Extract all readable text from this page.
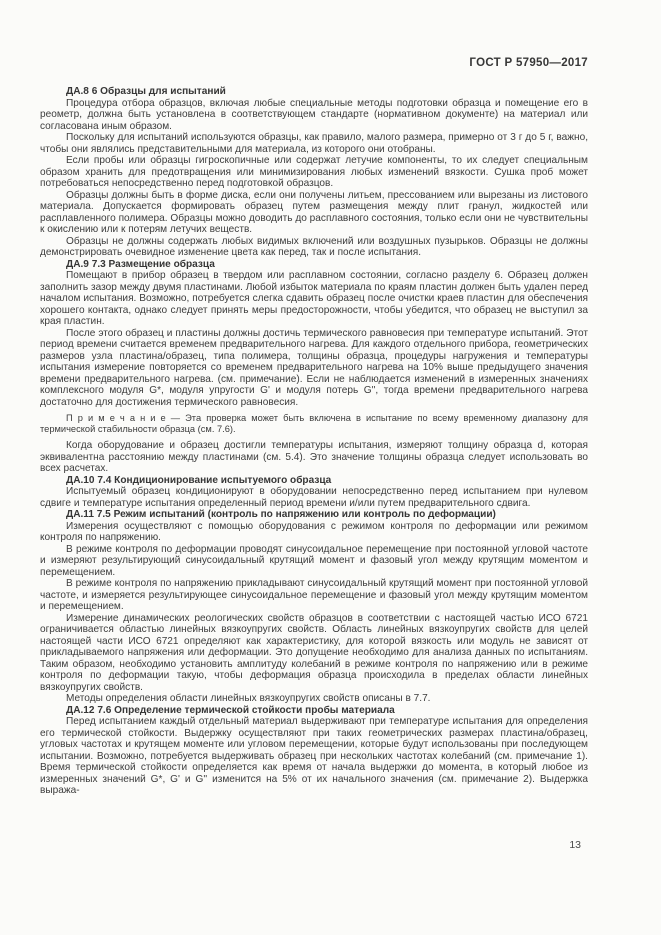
ГОСТ Р 57950—2017
ДА.8 6 Образцы для испытаний

Процедура отбора образцов, включая любые специальные методы подготовки образца и помещение его в реометр, должна быть установлена в соответствующем стандарте (нормативном документе) на материал или согласована иным образом.

Поскольку для испытаний используются образцы, как правило, малого размера, примерно от 3 г до 5 г, важно, чтобы они являлись представительными для материала, из которого они отобраны.

Если пробы или образцы гигроскопичные или содержат летучие компоненты, то их следует специальным образом хранить для предотвращения или минимизирования любых изменений вязкости. Сушка проб может потребоваться непосредственно перед подготовкой образцов.

Образцы должны быть в форме диска, если они получены литьем, прессованием или вырезаны из листового материала. Допускается формировать образец путем размещения между плит гранул, жидкостей или расплавленного полимера. Образцы можно доводить до расплавного состояния, только если они не чувствительны к окислению или к потерям летучих веществ.

Образцы не должны содержать любых видимых включений или воздушных пузырьков. Образцы не должны демонстрировать очевидное изменение цвета как перед, так и после испытания.

ДА.9 7.3 Размещение образца

Помещают в прибор образец в твердом или расплавном состоянии, согласно разделу 6. Образец должен заполнить зазор между двумя пластинами. Любой избыток материала по краям пластин должен быть удален перед началом испытания. Возможно, потребуется слегка сдавить образец после очистки краев пластин для обеспечения хорошего контакта, однако следует принять меры предосторожности, чтобы убедится, что образец не выступил за края пластин.

После этого образец и пластины должны достичь термического равновесия при температуре испытаний. Этот период времени считается временем предварительного нагрева. Для каждого отдельного прибора, геометрических размеров узла пластина/образец, типа полимера, толщины образца, процедуры нагружения и температуры испытания измерение повторяется со временем предварительного нагрева на 10% выше предыдущего значения времени предварительного нагрева. (см. примечание). Если не наблюдается изменений в измеренных значениях комплексного модуля G*, модуля упругости G' и модуля потерь G'', тогда времени предварительного нагрева достаточно для достижения термического равновесия.

П р и м е ч а н и е — Эта проверка может быть включена в испытание по всему временному диапазону для термической стабильности образца (см. 7.6).

Когда оборудование и образец достигли температуры испытания, измеряют толщину образца d, которая эквивалентна расстоянию между пластинами (см. 5.4). Это значение толщины образца следует использовать во всех расчетах.

ДА.10 7.4 Кондиционирование испытуемого образца

Испытуемый образец кондиционируют в оборудовании непосредственно перед испытанием при нулевом сдвиге и температуре испытания определенный период времени и/или путем предварительного сдвига.

ДА.11 7.5 Режим испытаний (контроль по напряжению или контроль по деформации)

Измерения осуществляют с помощью оборудования с режимом контроля по деформации или режимом контроля по напряжению.

В режиме контроля по деформации проводят синусоидальное перемещение при постоянной угловой частоте и измеряют результирующий синусоидальный крутящий момент и фазовый угол между крутящим моментом и перемещением.

В режиме контроля по напряжению прикладывают синусоидальный крутящий момент при постоянной угловой частоте, и измеряется результирующее синусоидальное перемещение и фазовый угол между крутящим моментом и перемещением.

Измерение динамических реологических свойств образцов в соответствии с настоящей частью ИСО 6721 ограничивается областью линейных вязкоупругих свойств. Область линейных вязкоупругих свойств для целей настоящей части ИСО 6721 определяют как характеристику, для которой вязкость или модуль не зависят от прикладываемого напряжения или деформации. Это допущение необходимо для анализа данных по испытаниям. Таким образом, необходимо установить амплитуду колебаний в режиме контроля по напряжению или в режиме контроля по деформации такую, чтобы деформация образца происходила в пределах области линейных вязкоупругих свойств.

Методы определения области линейных вязкоупругих свойств описаны в 7.7.

ДА.12 7.6 Определение термической стойкости пробы материала

Перед испытанием каждый отдельный материал выдерживают при температуре испытания для определения его термической стойкости. Выдержку осуществляют при таких геометрических размерах пластина/образец, угловых частотах и крутящем моменте или угловом перемещении, которые будут использованы при последующем испытании. Возможно, потребуется выдерживать образец при нескольких частотах колебаний (см. примечание 1). Время термической стойкости определяется как время от начала выдержки до момента, в который любое из измеренных значений G*, G' и G'' изменится на 5% от их начального значения (см. примечание 2). Выдержка выража-

13
